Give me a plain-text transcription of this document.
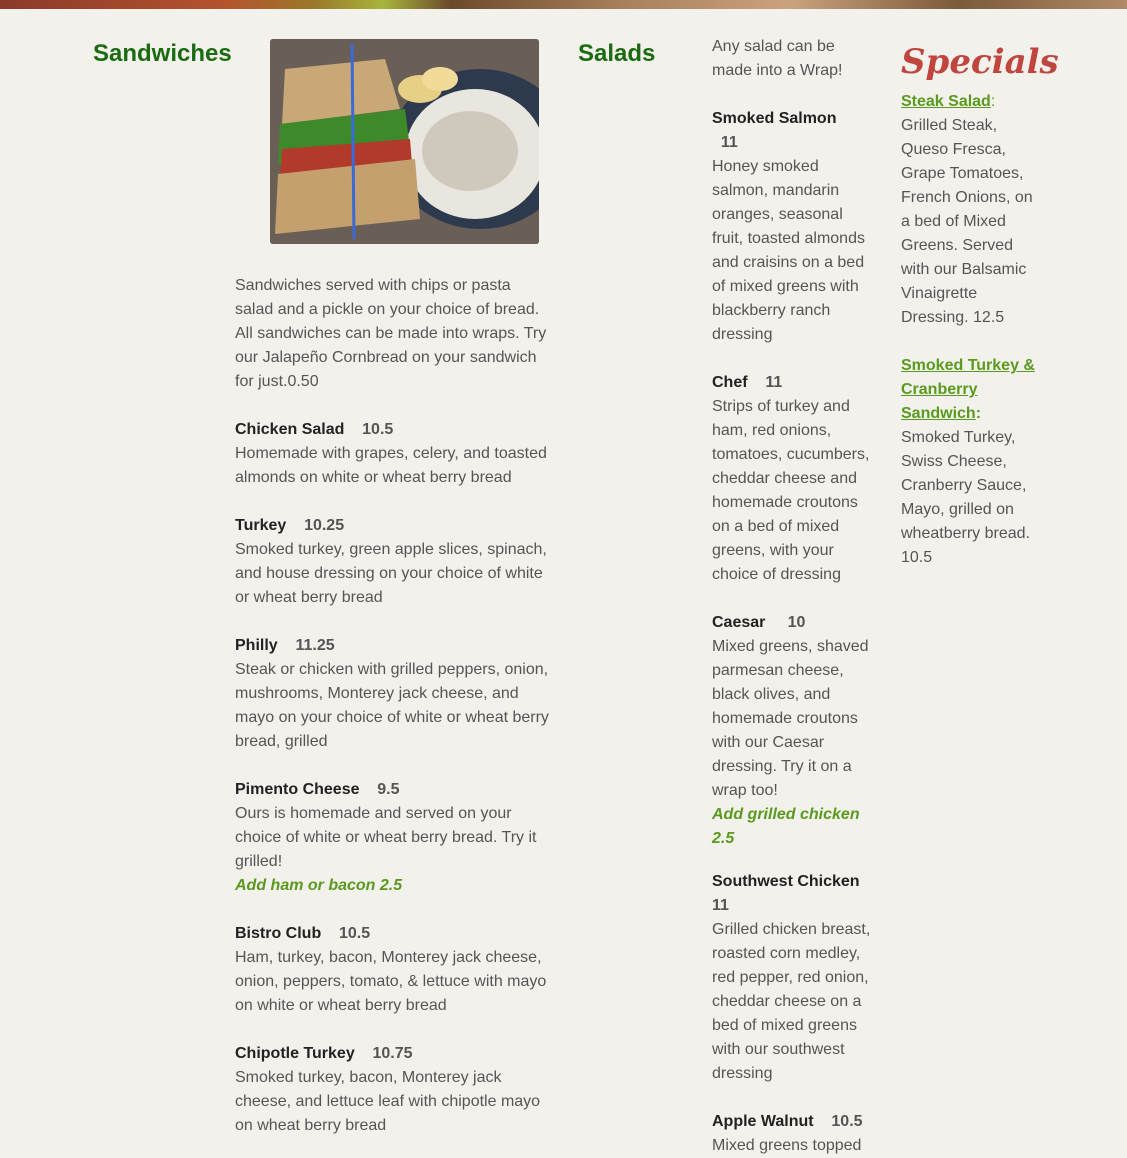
Sandwiches

Sandwiches served with chips or pasta salad and a pickle on your choice of bread. All sandwiches can be made into wraps. Try our Jalapeño Cornbread on your sandwich for just.0.50

Chicken Salad 10.5

Homemade with grapes, celery, and toasted almonds on white or wheat berry bread

Turkey 10.25

Smoked turkey, green apple slices, spinach, and house dressing on your choice of white or wheat berry bread

Philly 11.25

Steak or chicken with grilled peppers, onion, mushrooms, Monterey jack cheese, and mayo on your choice of white or wheat berry bread, grilled

Pimento Cheese 9.5

Ours is homemade and served on your choice of white or wheat berry bread. Try it grilled!

Add ham or bacon 2.5

Bistro Club 10.5

Ham, turkey, bacon, Monterey jack cheese, onion, peppers, tomato, & lettuce with mayo on white or wheat berry bread

Chipotle Turkey 10.75

Smoked turkey, bacon, Monterey jack cheese, and lettuce leaf with chipotle mayo on wheat berry bread

Salads	Any salad can be made into a Wrap!

Smoked Salmon
11

Honey smoked salmon, mandarin oranges, seasonal fruit, toasted almonds and craisins on a bed of mixed greens with blackberry ranch dressing

Chef 11

Strips of turkey and ham, red onions, tomatoes, cucumbers, cheddar cheese and homemade croutons on a bed of mixed greens, with your choice of dressing

Caesar 10

Mixed greens, shaved parmesan cheese, black olives, and homemade croutons with our Caesar dressing. Try it on a wrap too!

Add grilled chicken 2.5

Southwest Chicken
11

Grilled chicken breast, roasted corn medley, red pepper, red onion, cheddar cheese on a bed of mixed greens with our southwest dressing

Apple Walnut 10.5

Mixed greens topped

Specials
Steak Salad: Grilled Steak, Queso Fresca, Grape Tomatoes, French Onions, on a bed of Mixed Greens. Served with our Balsamic Vinaigrette Dressing. 12.5
Smoked Turkey & Cranberry Sandwich: Smoked Turkey, Swiss Cheese, Cranberry Sauce, Mayo, grilled on wheatberry bread. 10.5
